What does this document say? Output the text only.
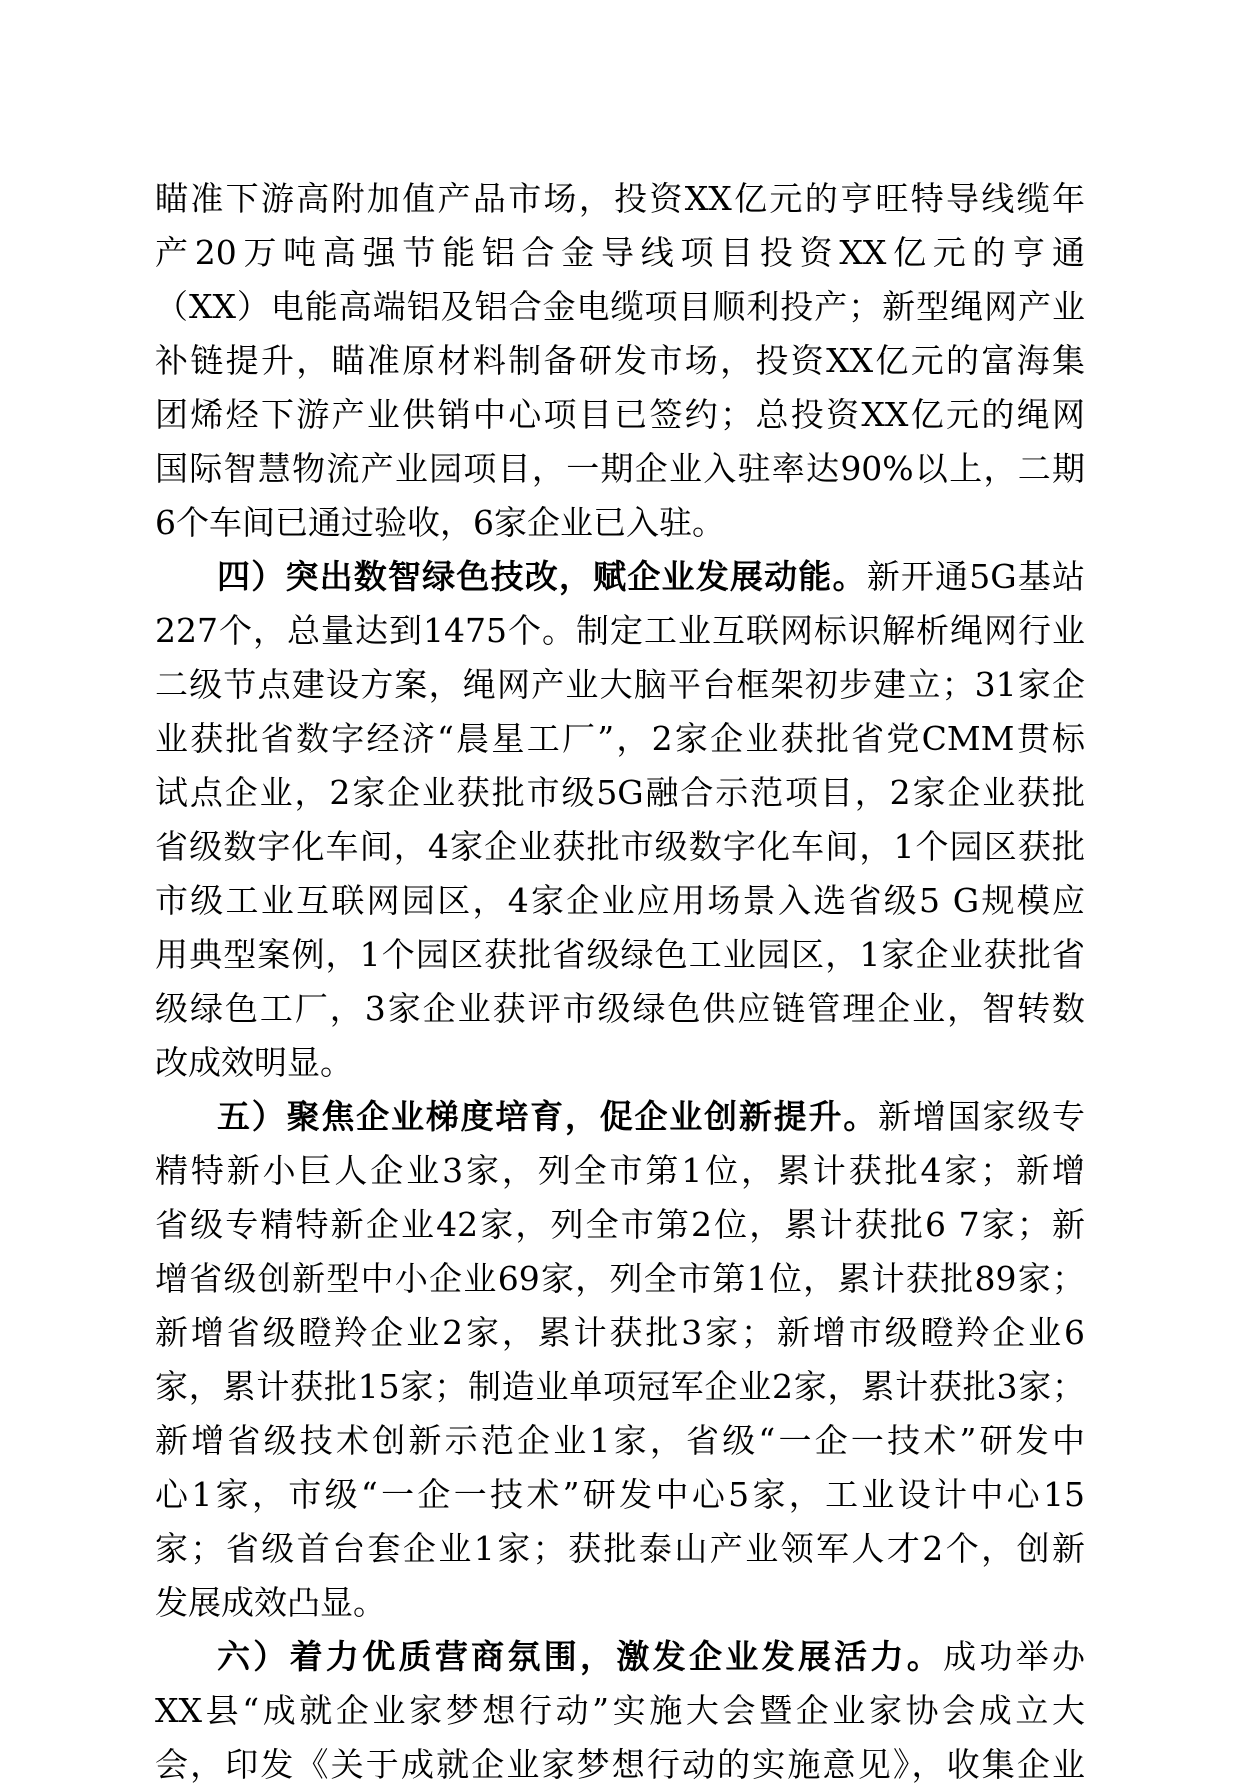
瞄准下游高附加值产品市场，投资XX亿元的亨旺特导线缆年
产20万吨高强节能铝合金导线项目投资XX亿元的亨通
（XX）电能高端铝及铝合金电缆项目顺利投产；新型绳网产业
补链提升，瞄准原材料制备研发市场，投资XX亿元的富海集
团烯烃下游产业供销中心项目已签约；总投资XX亿元的绳网
国际智慧物流产业园项目，一期企业入驻率达90%以上，二期
6个车间已通过验收，6家企业已入驻。
四）突出数智绿色技改，赋企业发展动能。新开通5G基站
227个，总量达到1475个。制定工业互联网标识解析绳网行业
二级节点建设方案，绳网产业大脑平台框架初步建立；31家企
业获批省数字经济“晨星工厂”，2家企业获批省党CMM贯标
试点企业，2家企业获批市级5G融合示范项目，2家企业获批
省级数字化车间，4家企业获批市级数字化车间，1个园区获批
市级工业互联网园区，4家企业应用场景入选省级5 G规模应
用典型案例，1个园区获批省级绿色工业园区，1家企业获批省
级绿色工厂，3家企业获评市级绿色供应链管理企业，智转数
改成效明显。
五）聚焦企业梯度培育，促企业创新提升。新增国家级专
精特新小巨人企业3家，列全市第1位，累计获批4家；新增
省级专精特新企业42家，列全市第2位，累计获批6 7家；新
增省级创新型中小企业69家，列全市第1位，累计获批89家；
新增省级瞪羚企业2家，累计获批3家；新增市级瞪羚企业6
家，累计获批15家；制造业单项冠军企业2家，累计获批3家；
新增省级技术创新示范企业1家，省级“一企一技术”研发中
心1家，市级“一企一技术”研发中心5家，工业设计中心15
家；省级首台套企业1家；获批泰山产业领军人才2个，创新
发展成效凸显。
六）着力优质营商氛围，激发企业发展活力。成功举办
XX县“成就企业家梦想行动”实施大会暨企业家协会成立大
会，印发《关于成就企业家梦想行动的实施意见》，收集企业
